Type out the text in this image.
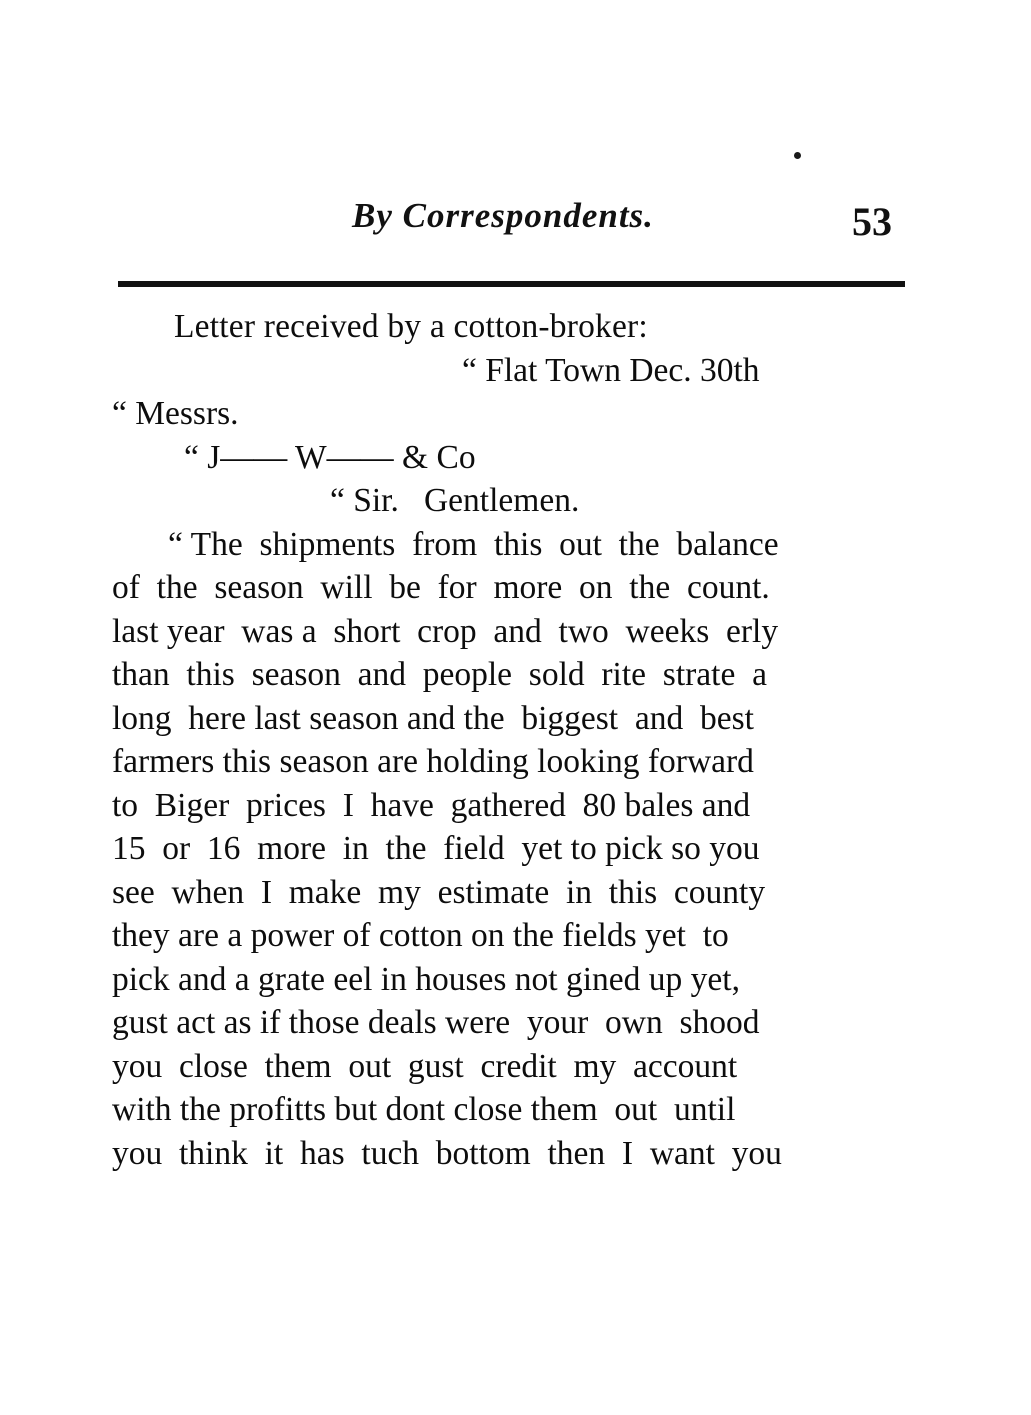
By Correspondents.	53
Letter received by a cotton-broker:
“ Flat Town Dec. 30th
“ Messrs.
“ J—— W—— & Co
“ Sir.   Gentlemen.
“ The  shipments  from  this  out  the  balance
of  the  season  will  be  for  more  on  the  count.
last year  was a  short  crop  and  two  weeks  erly
than  this  season  and  people  sold  rite  strate  a
long  here last season and the  biggest  and  best
farmers this season are holding looking forward
to  Biger  prices  I  have  gathered  80 bales and
15  or  16  more  in  the  field  yet to pick so you
see  when  I  make  my  estimate  in  this  county
they are a power of cotton on the fields yet  to
pick and a grate eel in houses not gined up yet,
gust act as if those deals were  your  own  shood
you  close  them  out  gust  credit  my  account
with the profitts but dont close them  out  until
you  think  it  has  tuch  bottom  then  I  want  you
